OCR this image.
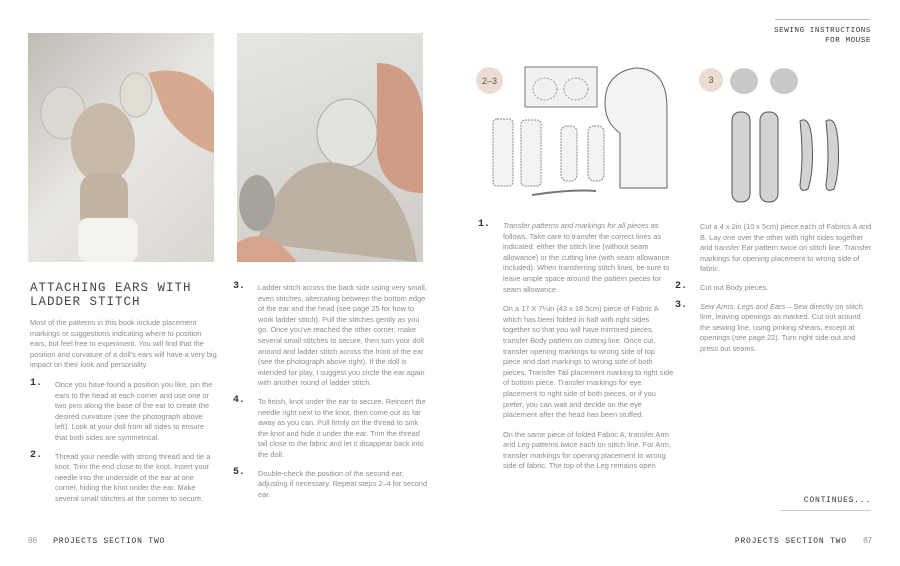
ATTACHING EARS WITH LADDER STITCH

Most of the patterns in this book include placement markings or suggestions indicating where to position ears, but feel free to experiment. You will find that the position and curvature of a doll's ears will have a very big impact on their look and personality.

1. Once you have found a position you like, pin the ears to the head at each corner and use one or two pins along the base of the ear to create the desired curvature (see the photograph above left). Look at your doll from all sides to ensure that both sides are symmetrical.
2. Thread your needle with strong thread and tie a knot. Trim the end close to the knot. Insert your needle into the underside of the ear at one corner, hiding the knot under the ear. Make several small stitches at the corner to secure.
3. Ladder stitch across the back side using very small, even stitches, alternating between the bottom edge of the ear and the head (see page 25 for how to work ladder stitch). Pull the stitches gently as you go. Once you've reached the other corner, make several small stitches to secure, then turn your doll around and ladder stitch across the front of the ear (see the photograph above right). If the doll is intended for play, I suggest you circle the ear again with another round of ladder stitch.
4. To finish, knot under the ear to secure. Reinsert the needle right next to the knot, then come out as far away as you can. Pull firmly on the thread to sink the knot and hide it under the ear. Trim the thread tail close to the fabric and let it disappear back into the doll.
5. Double-check the position of the second ear, adjusting if necessary. Repeat steps 2–4 for second ear.
86 PROJECTS SECTION TWO
SEWING INSTRUCTIONS FOR MOUSE
2–3	3
1. Transfer patterns and markings for all pieces as follows. Take care to transfer the correct lines as indicated: either the stitch line (without seam allowance) or the cutting line (with seam allowance included). When transferring stitch lines, be sure to leave ample space around the pattern pieces for seam allowance.

On a 17 X 7¼in (43 x 18.5cm) piece of Fabric A which has been folded in half with right sides together so that you will have mirrored pieces, transfer Body pattern on cutting line. Once cut, transfer opening markings to wrong side of top piece and dart markings to wrong side of both pieces. Transfer Tail placement marking to right side of bottom piece. Transfer markings for eye placement to right side of both pieces, or if you prefer, you can wait and decide on the eye placement after the head has been stuffed.

On the same piece of folded Fabric A, transfer Arm and Leg patterns twice each on stitch line. For Arm, transfer markings for opening placement to wrong side of fabric. The top of the Leg remains open

Cut a 4 x 2in (10 x 5cm) piece each of Fabrics A and B. Lay one over the other with right sides together and transfer Ear pattern twice on stitch line. Transfer markings for opening placement to wrong side of fabric.

2. Cut out Body pieces.
3. Sew Arms, Legs and Ears – Sew directly on stitch line, leaving openings as marked. Cut out around the sewing line, using pinking shears, except at openings (see page 22). Turn right side out and press out seams.
CONTINUES...
PROJECTS SECTION TWO 87
